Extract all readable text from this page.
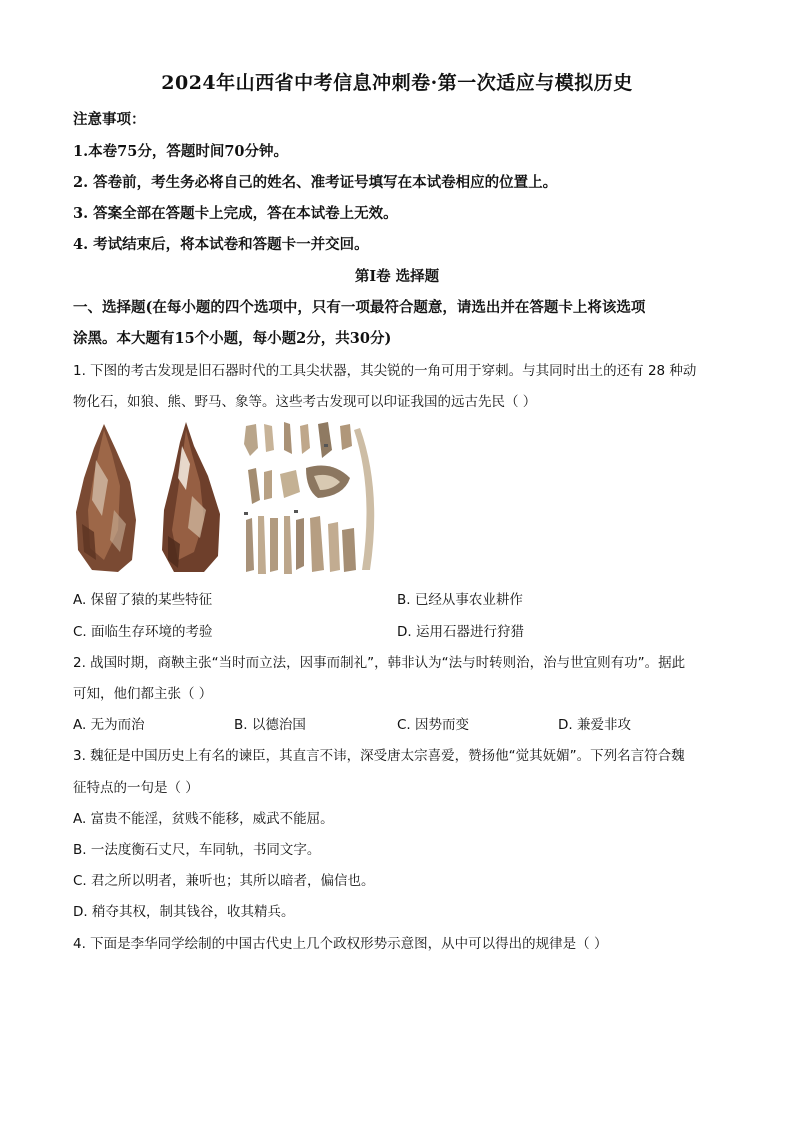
2024年山西省中考信息冲刺卷·第一次适应与模拟历史
注意事项：
1.本卷75分，答题时间70分钟。
2. 答卷前，考生务必将自己的姓名、准考证号填写在本试卷相应的位置上。
3. 答案全部在答题卡上完成，答在本试卷上无效。
4. 考试结束后，将本试卷和答题卡一并交回。
第Ⅰ卷 选择题
一、选择题(在每小题的四个选项中，只有一项最符合题意，请选出并在答题卡上将该选项
涂黑。本大题有15个小题，每小题2分，共30分)
1. 下图的考古发现是旧石器时代的工具尖状器，其尖锐的一角可用于穿刺。与其同时出土的还有 28 种动
物化石，如狼、熊、野马、象等。这些考古发现可以印证我国的远古先民（ ）
A. 保留了猿的某些特征	B. 已经从事农业耕作
C. 面临生存环境的考验	D. 运用石器进行狩猎
2. 战国时期，商鞅主张“当时而立法，因事而制礼”，韩非认为“法与时转则治，治与世宜则有功”。据此
可知，他们都主张（ ）
A. 无为而治	B. 以德治国	C. 因势而变	D. 兼爱非攻
3. 魏征是中国历史上有名的谏臣，其直言不讳，深受唐太宗喜爱，赞扬他“觉其妩媚”。下列名言符合魏
征特点的一句是（ ）
A. 富贵不能淫，贫贱不能移，威武不能屈。
B. 一法度衡石丈尺，车同轨，书同文字。
C. 君之所以明者，兼听也；其所以暗者，偏信也。
D. 稍夺其权，制其钱谷，收其精兵。
4. 下面是李华同学绘制的中国古代史上几个政权形势示意图，从中可以得出的规律是（ ）
